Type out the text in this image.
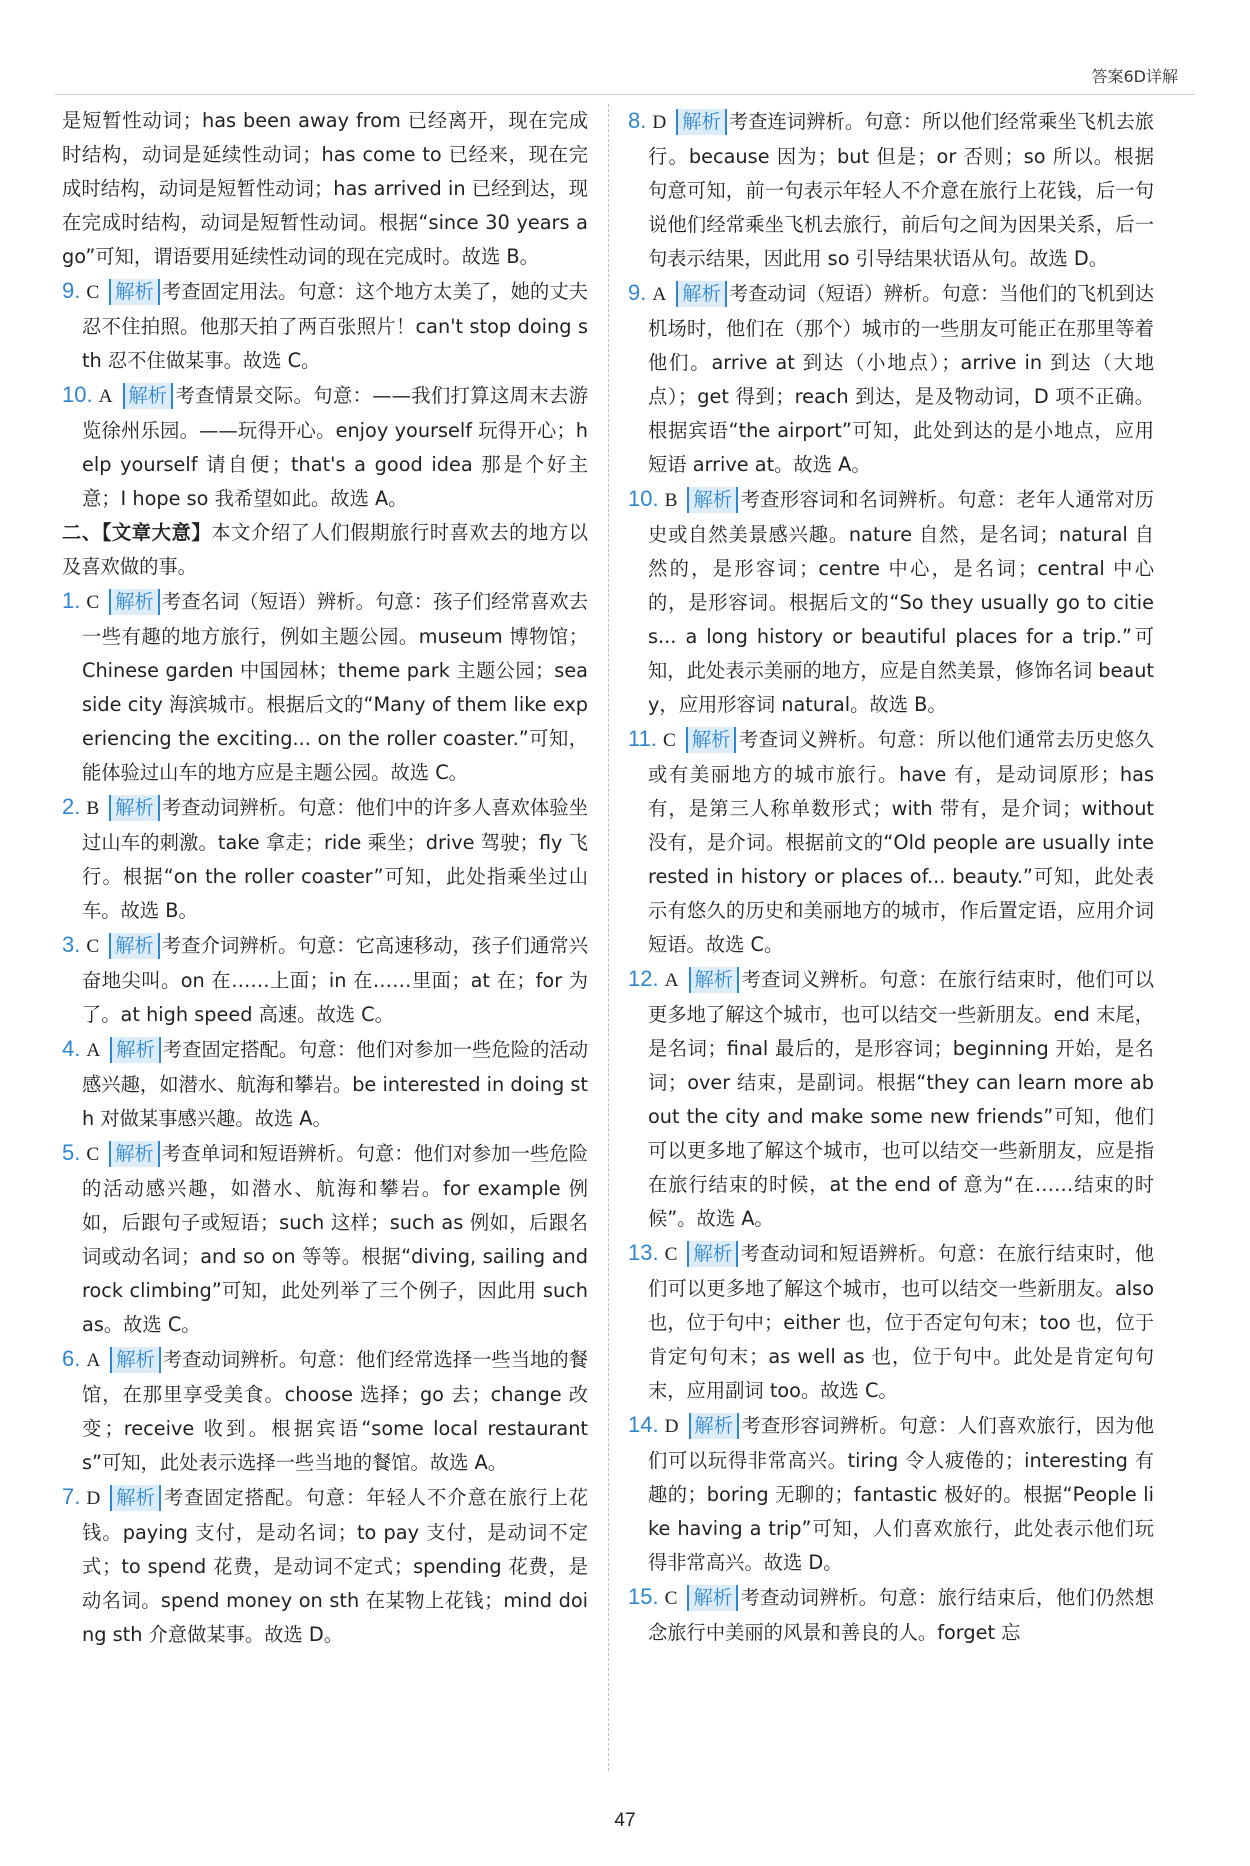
答案6D详解
是短暂性动词；has been away from 已经离开，现在完成时结构，动词是延续性动词；has come to 已经来，现在完成时结构，动词是短暂性动词；has arrived in 已经到达，现在完成时结构，动词是短暂性动词。根据“since 30 years ago”可知，谓语要用延续性动词的现在完成时。故选 B。
9. C 解析 考查固定用法。句意：这个地方太美了，她的丈夫忍不住拍照。他那天拍了两百张照片！can't stop doing sth 忍不住做某事。故选 C。
10. A 解析 考查情景交际。句意：——我们打算这周末去游览徐州乐园。——玩得开心。enjoy yourself 玩得开心；help yourself 请自便；that's a good idea 那是个好主意；I hope so 我希望如此。故选 A。
二、【文章大意】本文介绍了人们假期旅行时喜欢去的地方以及喜欢做的事。
1. C 解析 考查名词（短语）辨析。句意：孩子们经常喜欢去一些有趣的地方旅行，例如主题公园。museum 博物馆；Chinese garden 中国园林；theme park 主题公园；seaside city 海滨城市。根据后文的“Many of them like experiencing the exciting... on the roller coaster.”可知，能体验过山车的地方应是主题公园。故选 C。
2. B 解析 考查动词辨析。句意：他们中的许多人喜欢体验坐过山车的刺激。take 拿走；ride 乘坐；drive 驾驶；fly 飞行。根据“on the roller coaster”可知，此处指乘坐过山车。故选 B。
3. C 解析 考查介词辨析。句意：它高速移动，孩子们通常兴奋地尖叫。on 在……上面；in 在……里面；at 在；for 为了。at high speed 高速。故选 C。
4. A 解析 考查固定搭配。句意：他们对参加一些危险的活动感兴趣，如潜水、航海和攀岩。be interested in doing sth 对做某事感兴趣。故选 A。
5. C 解析 考查单词和短语辨析。句意：他们对参加一些危险的活动感兴趣，如潜水、航海和攀岩。for example 例如，后跟句子或短语；such 这样；such as 例如，后跟名词或动名词；and so on 等等。根据“diving, sailing and rock climbing”可知，此处列举了三个例子，因此用 such as。故选 C。
6. A 解析 考查动词辨析。句意：他们经常选择一些当地的餐馆，在那里享受美食。choose 选择；go 去；change 改变；receive 收到。根据宾语“some local restaurants”可知，此处表示选择一些当地的餐馆。故选 A。
7. D 解析 考查固定搭配。句意：年轻人不介意在旅行上花钱。paying 支付，是动名词；to pay 支付，是动词不定式；to spend 花费，是动词不定式；spending 花费，是动名词。spend money on sth 在某物上花钱；mind doing sth 介意做某事。故选 D。
8. D 解析 考查连词辨析。句意：所以他们经常乘坐飞机去旅行。because 因为；but 但是；or 否则；so 所以。根据句意可知，前一句表示年轻人不介意在旅行上花钱，后一句说他们经常乘坐飞机去旅行，前后句之间为因果关系，后一句表示结果，因此用 so 引导结果状语从句。故选 D。
9. A 解析 考查动词（短语）辨析。句意：当他们的飞机到达机场时，他们在（那个）城市的一些朋友可能正在那里等着他们。arrive at 到达（小地点）；arrive in 到达（大地点）；get 得到；reach 到达，是及物动词，D 项不正确。根据宾语“the airport”可知，此处到达的是小地点，应用短语 arrive at。故选 A。
10. B 解析 考查形容词和名词辨析。句意：老年人通常对历史或自然美景感兴趣。nature 自然，是名词；natural 自然的，是形容词；centre 中心，是名词；central 中心的，是形容词。根据后文的“So they usually go to cities... a long history or beautiful places for a trip.”可知，此处表示美丽的地方，应是自然美景，修饰名词 beauty，应用形容词 natural。故选 B。
11. C 解析 考查词义辨析。句意：所以他们通常去历史悠久或有美丽地方的城市旅行。have 有，是动词原形；has 有，是第三人称单数形式；with 带有，是介词；without 没有，是介词。根据前文的“Old people are usually interested in history or places of... beauty.”可知，此处表示有悠久的历史和美丽地方的城市，作后置定语，应用介词短语。故选 C。
12. A 解析 考查词义辨析。句意：在旅行结束时，他们可以更多地了解这个城市，也可以结交一些新朋友。end 末尾，是名词；final 最后的，是形容词；beginning 开始，是名词；over 结束，是副词。根据“they can learn more about the city and make some new friends”可知，他们可以更多地了解这个城市，也可以结交一些新朋友，应是指在旅行结束的时候，at the end of 意为“在……结束的时候”。故选 A。
13. C 解析 考查动词和短语辨析。句意：在旅行结束时，他们可以更多地了解这个城市，也可以结交一些新朋友。also 也，位于句中；either 也，位于否定句句末；too 也，位于肯定句句末；as well as 也，位于句中。此处是肯定句句末，应用副词 too。故选 C。
14. D 解析 考查形容词辨析。句意：人们喜欢旅行，因为他们可以玩得非常高兴。tiring 令人疲倦的；interesting 有趣的；boring 无聊的；fantastic 极好的。根据“People like having a trip”可知，人们喜欢旅行，此处表示他们玩得非常高兴。故选 D。
15. C 解析 考查动词辨析。句意：旅行结束后，他们仍然想念旅行中美丽的风景和善良的人。forget 忘
47
